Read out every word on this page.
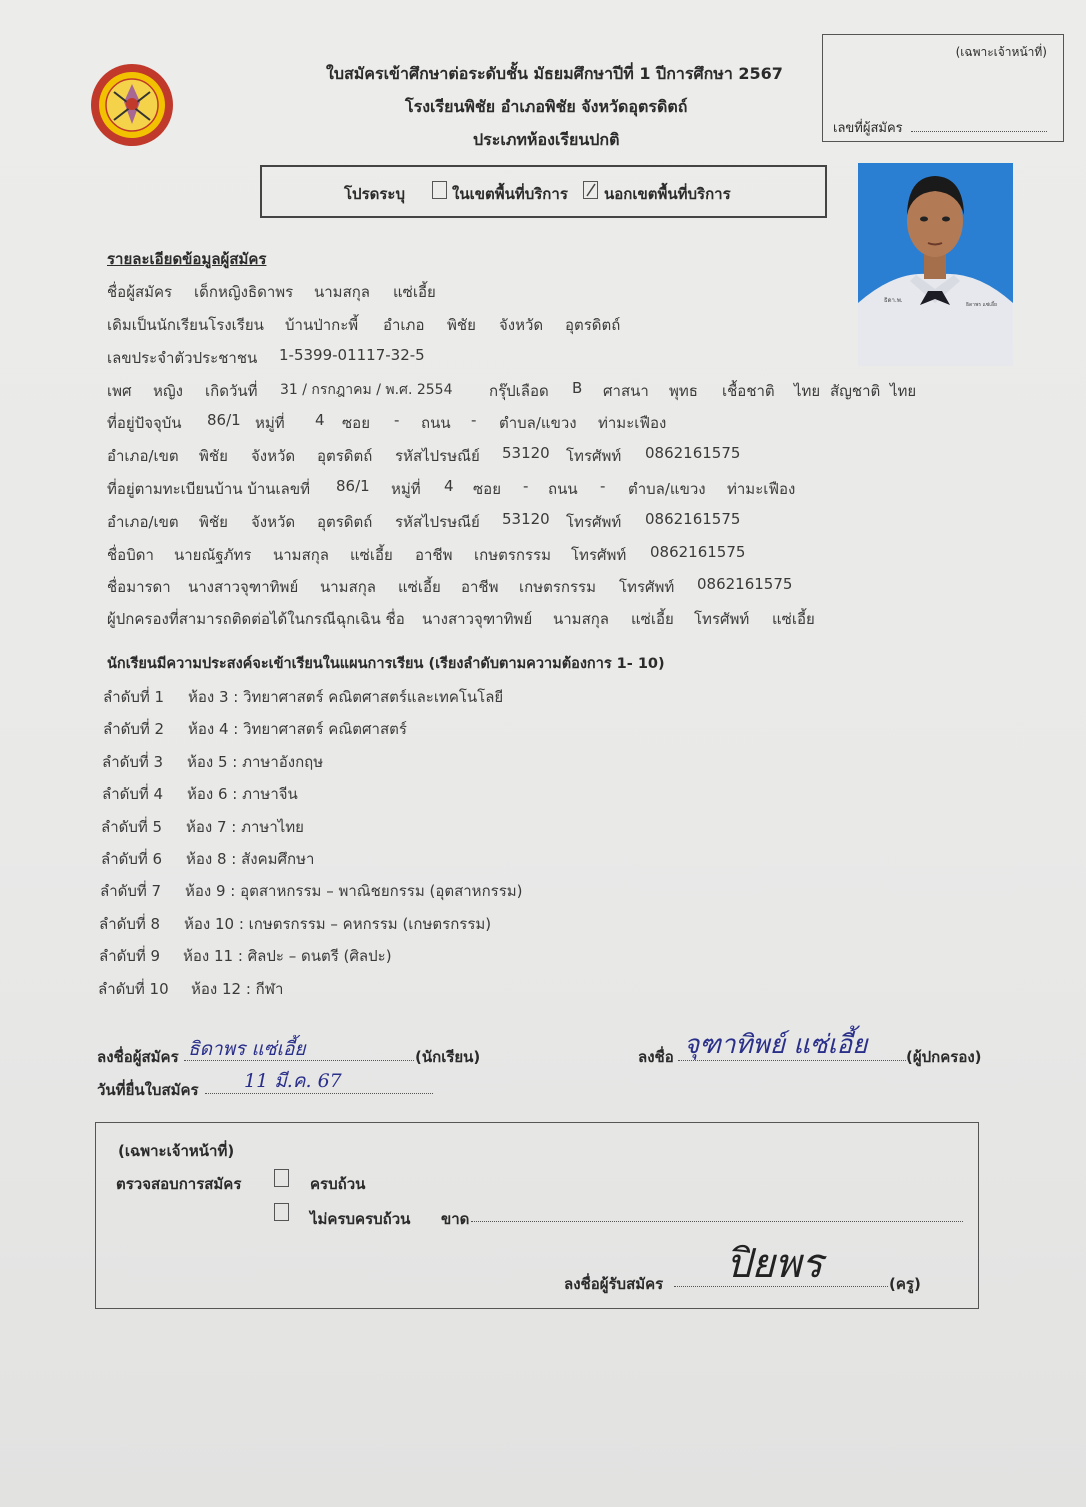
ใบสมัครเข้าศึกษาต่อระดับชั้น มัธยมศึกษาปีที่ 1 ปีการศึกษา 2567
โรงเรียนพิชัย อำเภอพิชัย จังหวัดอุตรดิตถ์
ประเภทห้องเรียนปกติ
(เฉพาะเจ้าหน้าที่)
เลขที่ผู้สมัคร
โปรดระบุ	ในเขตพื้นที่บริการ นอกเขตพื้นที่บริการ
ธิดา.พ.
ธิดาพร แซ่เอี้ย
รายละเอียดข้อมูลผู้สมัคร
ชื่อผู้สมัคร เด็กหญิงธิดาพร นามสกุล แซ่เอี้ย
เดิมเป็นนักเรียนโรงเรียน บ้านป่ากะพี้ อำเภอ พิชัย จังหวัด อุตรดิตถ์
เลขประจำตัวประชาชน 1-5399-01117-32-5
เพศ หญิง เกิดวันที่ 31 / กรกฎาคม / พ.ศ. 2554 กรุ๊ปเลือด B ศาสนา พุทธ เชื้อชาติ ไทย สัญชาติ ไทย
ที่อยู่ปัจจุบัน 86/1 หมู่ที่ 4 ซอย - ถนน - ตำบล/แขวง ท่ามะเฟือง
อำเภอ/เขต พิชัย จังหวัด อุตรดิตถ์ รหัสไปรษณีย์ 53120 โทรศัพท์ 0862161575
ที่อยู่ตามทะเบียนบ้าน บ้านเลขที่ 86/1 หมู่ที่ 4 ซอย - ถนน - ตำบล/แขวง ท่ามะเฟือง
อำเภอ/เขต พิชัย จังหวัด อุตรดิตถ์ รหัสไปรษณีย์ 53120 โทรศัพท์ 0862161575
ชื่อบิดา นายณัฐภัทร นามสกุล แซ่เอี้ย อาชีพ เกษตรกรรม โทรศัพท์ 0862161575
ชื่อมารดา นางสาวจุฑาทิพย์ นามสกุล แซ่เอี้ย อาชีพ เกษตรกรรม โทรศัพท์ 0862161575
ผู้ปกครองที่สามารถติดต่อได้ในกรณีฉุกเฉิน ชื่อ นางสาวจุฑาทิพย์ นามสกุล แซ่เอี้ย โทรศัพท์ แซ่เอี้ย
นักเรียนมีความประสงค์จะเข้าเรียนในแผนการเรียน (เรียงลำดับตามความต้องการ 1- 10)
ลำดับที่ 1 ห้อง 3 : วิทยาศาสตร์ คณิตศาสตร์และเทคโนโลยี
ลำดับที่ 2 ห้อง 4 : วิทยาศาสตร์ คณิตศาสตร์
ลำดับที่ 3 ห้อง 5 : ภาษาอังกฤษ
ลำดับที่ 4 ห้อง 6 : ภาษาจีน
ลำดับที่ 5 ห้อง 7 : ภาษาไทย
ลำดับที่ 6 ห้อง 8 : สังคมศึกษา
ลำดับที่ 7 ห้อง 9 : อุตสาหกรรม – พาณิชยกรรม (อุตสาหกรรม)
ลำดับที่ 8 ห้อง 10 : เกษตรกรรม – คหกรรม (เกษตรกรรม)
ลำดับที่ 9 ห้อง 11 : ศิลปะ – ดนตรี (ศิลปะ)
ลำดับที่ 10 ห้อง 12 : กีฬา
ลงชื่อผู้สมัคร ธิดาพร แซ่เอี้ย	(นักเรียน)
วันที่ยื่นใบสมัคร 11 มี.ค. 67
ลงชื่อ จุฑาทิพย์ แซ่เอี้ย	(ผู้ปกครอง)
(เฉพาะเจ้าหน้าที่)
ตรวจสอบการสมัคร	ครบถ้วน
ไม่ครบครบถ้วน ขาด
ลงชื่อผู้รับสมัคร ปิยพร	(ครู)
